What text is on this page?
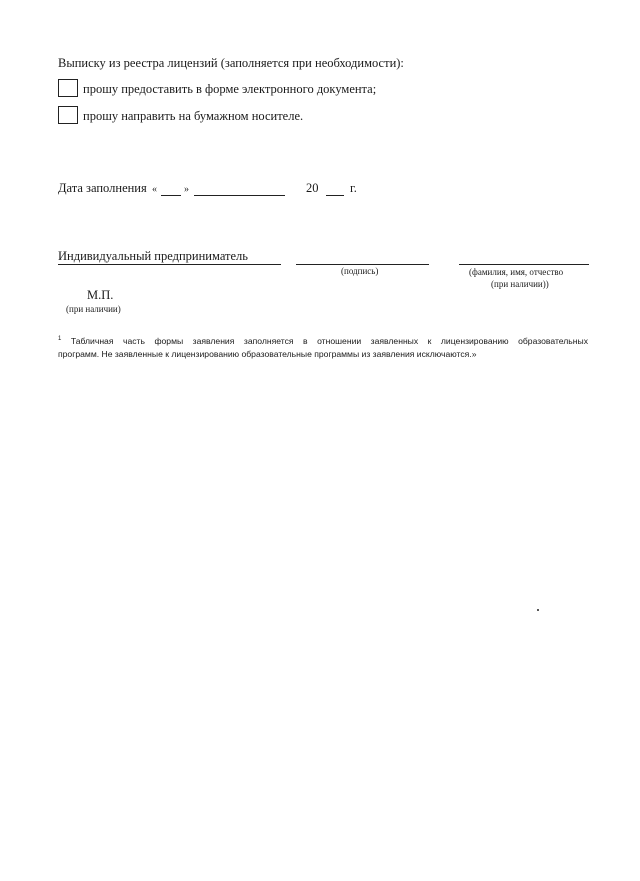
Выписку из реестра лицензий (заполняется при необходимости):
прошу предоставить в форме электронного документа;
прошу направить на бумажном носителе.
Дата заполнения «	»	20	г.
Индивидуальный предприниматель
(подпись)	(фамилия, имя, отчество
(при наличии))
М.П.
(при наличии)
$^1$ Табличная часть формы заявления заполняется в отношении заявленных к лицензированию образовательных
программ. Не заявленные к лицензированию образовательные программы из заявления исключаются.»
